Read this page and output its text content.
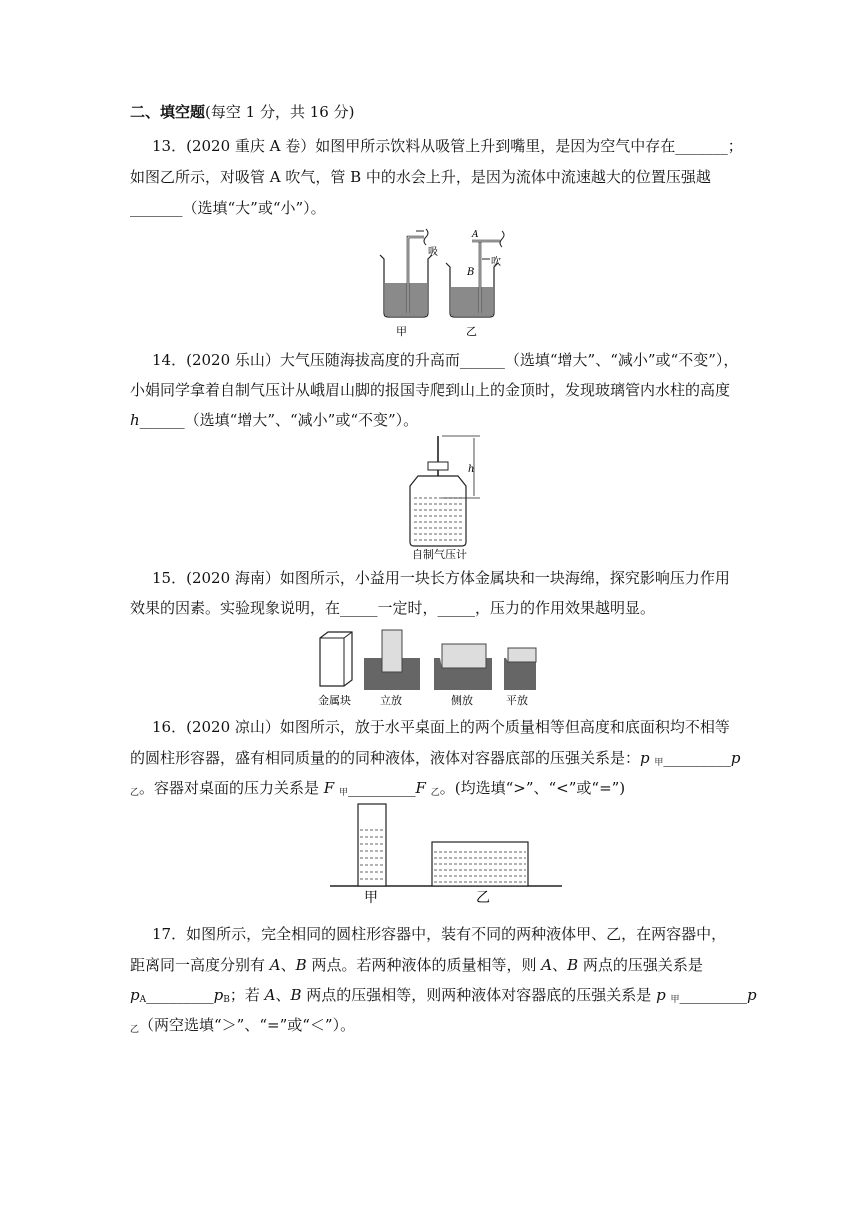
二、填空题(每空 1 分，共 16 分)
13．(2020 重庆 A 卷）如图甲所示饮料从吸管上升到嘴里，是因为空气中存在_______；
如图乙所示，对吸管 A 吹气，管 B 中的水会上升，是因为流体中流速越大的位置压强越
_______（选填“大”或“小”）。
吸
A
B
吹
甲	乙
14．(2020 乐山）大气压随海拔高度的升高而______（选填“增大”、“减小”或“不变”），
小娟同学拿着自制气压计从峨眉山脚的报国寺爬到山上的金顶时，发现玻璃管内水柱的高度
h______（选填“增大”、“减小”或“不变”）。
h
自制气压计
15．(2020 海南）如图所示，小益用一块长方体金属块和一块海绵，探究影响压力作用
效果的因素。实验现象说明，在_____一定时，_____，压力的作用效果越明显。
金属块	立放	侧放	平放
16．(2020 凉山）如图所示，放于水平桌面上的两个质量相等但高度和底面积均不相等
的圆柱形容器，盛有相同质量的的同种液体，液体对容器底部的压强关系是：p $_甲$_________p
$_乙$。容器对桌面的压力关系是 F $_甲$_________F $_乙$。(均选填“>”、“<”或“=”)
甲	乙
17．如图所示，完全相同的圆柱形容器中，装有不同的两种液体甲、乙，在两容器中，
距离同一高度分别有 A、B 两点。若两种液体的质量相等，则 A、B 两点的压强关系是
$p_A\_\_\_\_\_\_\_\_\_p_B$；若 A、B 两点的压强相等，则两种液体对容器底的压强关系是 p $_甲$_________p
$_乙$（两空选填“＞”、“=”或“＜”）。
